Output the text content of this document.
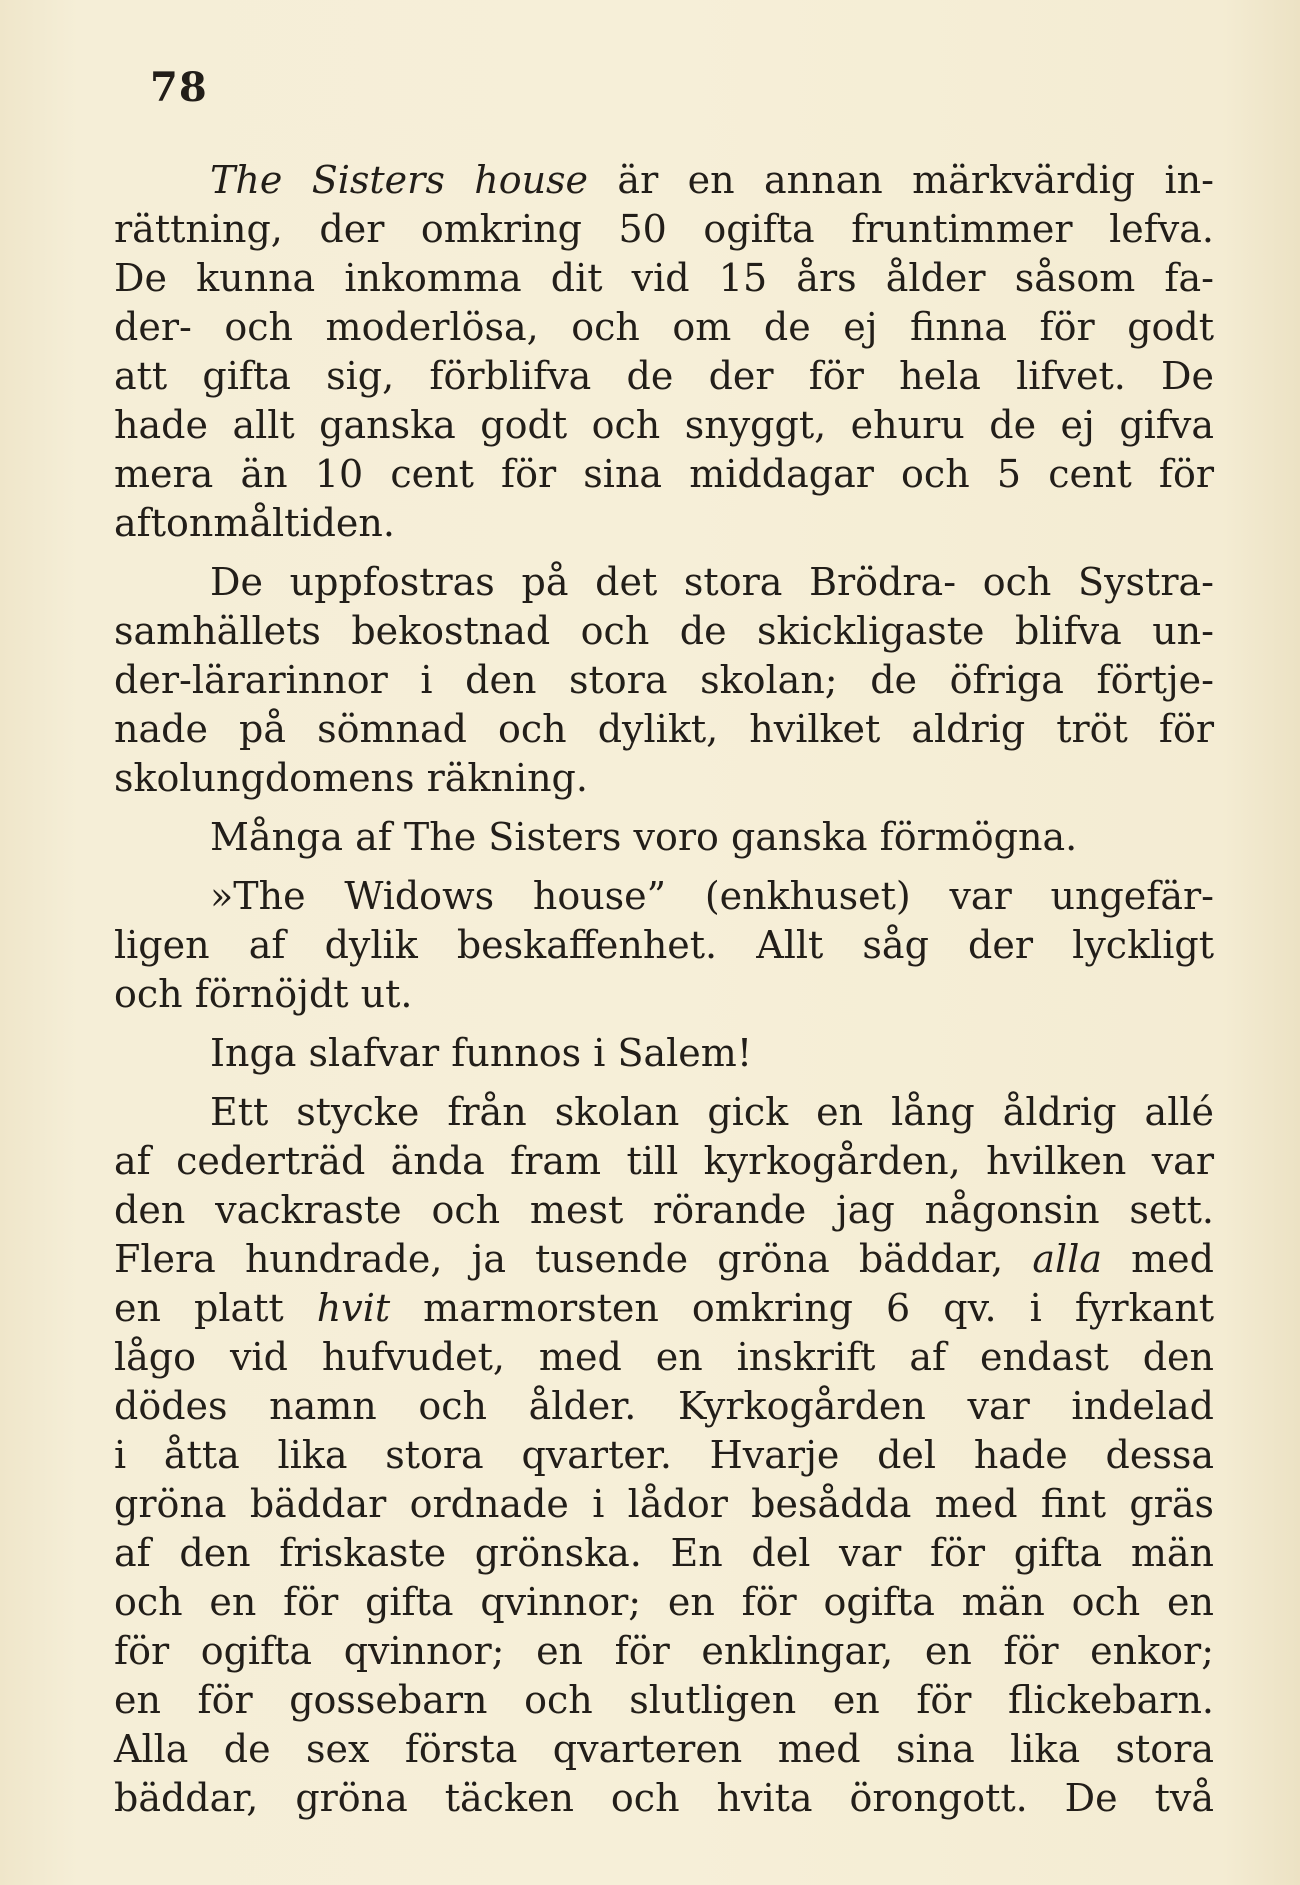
78
The Sisters house är en annan märkvärdig in-
rättning, der omkring 50 ogifta fruntimmer lefva.
De kunna inkomma dit vid 15 års ålder såsom fa-
der- och moderlösa, och om de ej finna för godt
att gifta sig, förblifva de der för hela lifvet. De
hade allt ganska godt och snyggt, ehuru de ej gifva
mera än 10 cent för sina middagar och 5 cent för
aftonmåltiden.
De uppfostras på det stora Brödra- och Systra-
samhällets bekostnad och de skickligaste blifva un-
der-lärarinnor i den stora skolan; de öfriga förtje-
nade på sömnad och dylikt, hvilket aldrig tröt för
skolungdomens räkning.
Många af The Sisters voro ganska förmögna.
»The Widows house” (enkhuset) var ungefär-
ligen af dylik beskaffenhet. Allt såg der lyckligt
och förnöjdt ut.
Inga slafvar funnos i Salem!
Ett stycke från skolan gick en lång åldrig allé
af cederträd ända fram till kyrkogården, hvilken var
den vackraste och mest rörande jag någonsin sett.
Flera hundrade, ja tusende gröna bäddar, alla med
en platt hvit marmorsten omkring 6 qv. i fyrkant
lågo vid hufvudet, med en inskrift af endast den
dödes namn och ålder. Kyrkogården var indelad
i åtta lika stora qvarter. Hvarje del hade dessa
gröna bäddar ordnade i lådor besådda med fint gräs
af den friskaste grönska. En del var för gifta män
och en för gifta qvinnor; en för ogifta män och en
för ogifta qvinnor; en för enklingar, en för enkor;
en för gossebarn och slutligen en för flickebarn.
Alla de sex första qvarteren med sina lika stora
bäddar, gröna täcken och hvita örongott. De två
